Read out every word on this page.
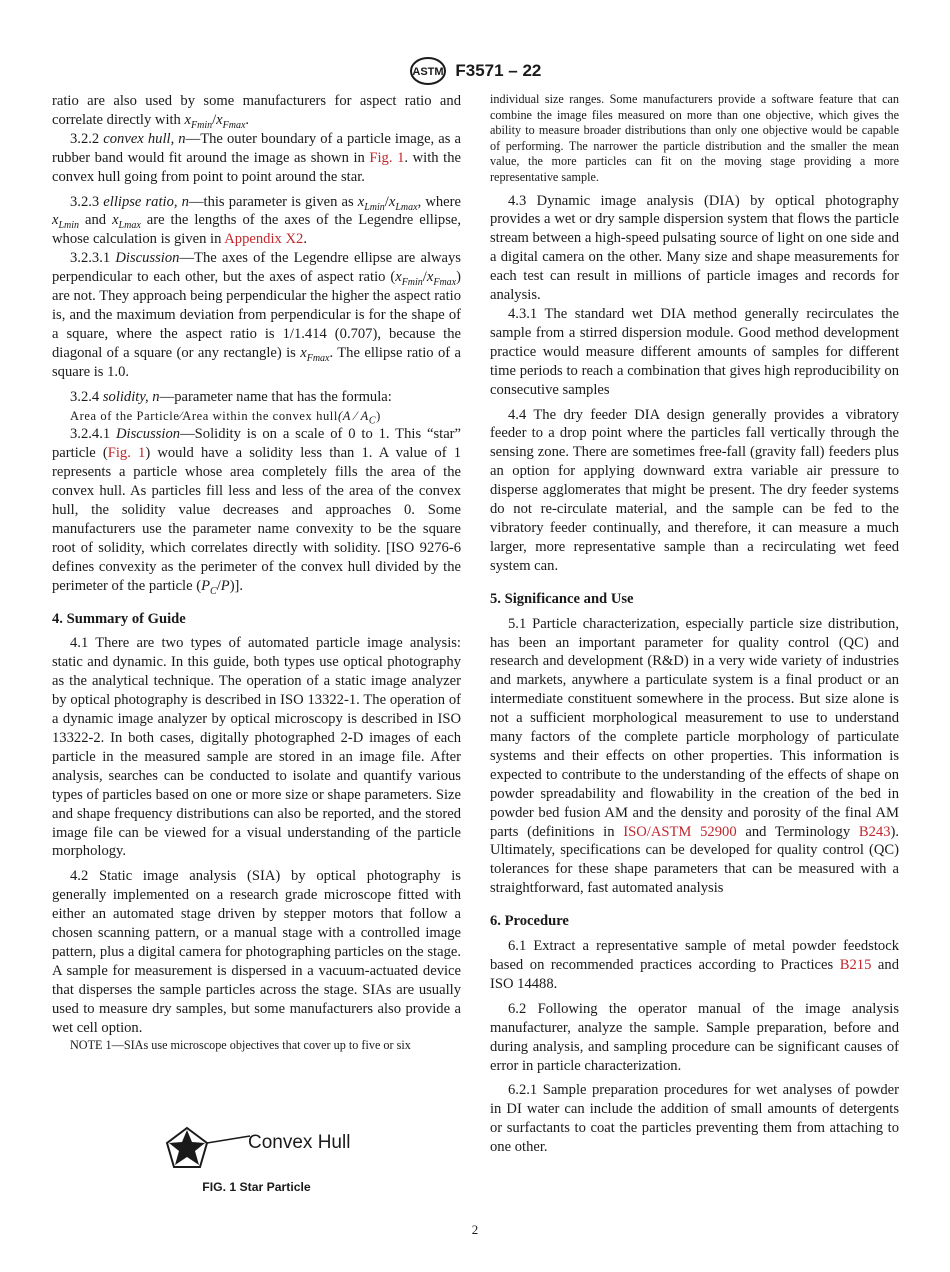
ASTM F3571 – 22

ratio are also used by some manufacturers for aspect ratio and correlate directly with $x_{Fmin}/x_{Fmax}$.

3.2.2 convex hull, n—The outer boundary of a particle image, as a rubber band would fit around the image as shown in Fig. 1. with the convex hull going from point to point around the star.

3.2.3 ellipse ratio, n—this parameter is given as $x_{Lmin}/x_{Lmax}$, where $x_{Lmin}$ and $x_{Lmax}$ are the lengths of the axes of the Legendre ellipse, whose calculation is given in Appendix X2.

3.2.3.1 Discussion—The axes of the Legendre ellipse are always perpendicular to each other, but the axes of aspect ratio $(x_{Fmin}/x_{Fmax})$ are not. They approach being perpendicular the higher the aspect ratio is, and the maximum deviation from perpendicular is for the shape of a square, where the aspect ratio is 1/1.414 (0.707), because the diagonal of a square (or any rectangle) is $x_{Fmax}$. The ellipse ratio of a square is 1.0.

3.2.4 solidity, n—parameter name that has the formula:

Area of the Particle⁄Area within the convex hull(A ⁄ $A_C$)

3.2.4.1 Discussion—Solidity is on a scale of 0 to 1. This “star” particle (Fig. 1) would have a solidity less than 1. A value of 1 represents a particle whose area completely fills the area of the convex hull. As particles fill less and less of the area of the convex hull, the solidity value decreases and approaches 0. Some manufacturers use the parameter name convexity to be the square root of solidity, which correlates directly with solidity. [ISO 9276-6 defines convexity as the perimeter of the convex hull divided by the perimeter of the particle $(P_C/P)$].

4. Summary of Guide

4.1 There are two types of automated particle image analysis: static and dynamic. In this guide, both types use optical photography as the analytical technique. The operation of a static image analyzer by optical photography is described in ISO 13322-1. The operation of a dynamic image analyzer by optical microscopy is described in ISO 13322-2. In both cases, digitally photographed 2-D images of each particle in the measured sample are stored in an image file. After analysis, searches can be conducted to isolate and quantify various types of particles based on one or more size or shape parameters. Size and shape frequency distributions can also be reported, and the stored image file can be viewed for a visual understanding of the particle morphology.

4.2 Static image analysis (SIA) by optical photography is generally implemented on a research grade microscope fitted with either an automated stage driven by stepper motors that follow a chosen scanning pattern, or a manual stage with a controlled image pattern, plus a digital camera for photographing particles on the stage. A sample for measurement is dispersed in a vacuum-actuated device that disperses the sample particles across the stage. SIAs are usually used to measure dry samples, but some manufacturers also provide a wet cell option.

NOTE 1—SIAs use microscope objectives that cover up to five or six

Convex Hull
FIG. 1 Star Particle

individual size ranges. Some manufacturers provide a software feature that can combine the image files measured on more than one objective, which gives the ability to measure broader distributions than only one objective would be capable of performing. The narrower the particle distribution and the smaller the mean value, the more particles can fit on the moving stage providing a more representative sample.

4.3 Dynamic image analysis (DIA) by optical photography provides a wet or dry sample dispersion system that flows the particle stream between a high-speed pulsating source of light on one side and a digital camera on the other. Many size and shape measurements for each test can result in millions of particle images and records for analysis.

4.3.1 The standard wet DIA method generally recirculates the sample from a stirred dispersion module. Good method development practice would measure different amounts of samples for different time periods to reach a combination that gives high reproducibility on consecutive samples

4.4 The dry feeder DIA design generally provides a vibratory feeder to a drop point where the particles fall vertically through the sensing zone. There are sometimes free-fall (gravity fall) feeders plus an option for applying downward extra variable air pressure to disperse agglomerates that might be present. The dry feeder systems do not re-circulate material, and the sample can be fed to the vibratory feeder continually, and therefore, it can measure a much larger, more representative sample than a recirculating wet feed system can.

5. Significance and Use

5.1 Particle characterization, especially particle size distribution, has been an important parameter for quality control (QC) and research and development (R&D) in a very wide variety of industries and markets, anywhere a particulate system is a final product or an intermediate constituent somewhere in the process. But size alone is not a sufficient morphological measurement to use to understand many factors of the complete particle morphology of particulate systems and their effects on other properties. This information is expected to contribute to the understanding of the effects of shape on powder spreadability and flowability in the creation of the bed in powder bed fusion AM and the density and porosity of the final AM parts (definitions in ISO/ASTM 52900 and Terminology B243). Ultimately, specifications can be developed for quality control (QC) tolerances for these shape parameters that can be measured with a straightforward, fast automated analysis

6. Procedure

6.1 Extract a representative sample of metal powder feedstock based on recommended practices according to Practices B215 and ISO 14488.

6.2 Following the operator manual of the image analysis manufacturer, analyze the sample. Sample preparation, before and during analysis, and sampling procedure can be significant causes of error in particle characterization.

6.2.1 Sample preparation procedures for wet analyses of powder in DI water can include the addition of small amounts of detergents or surfactants to coat the particles preventing them from attaching to one other.

2
